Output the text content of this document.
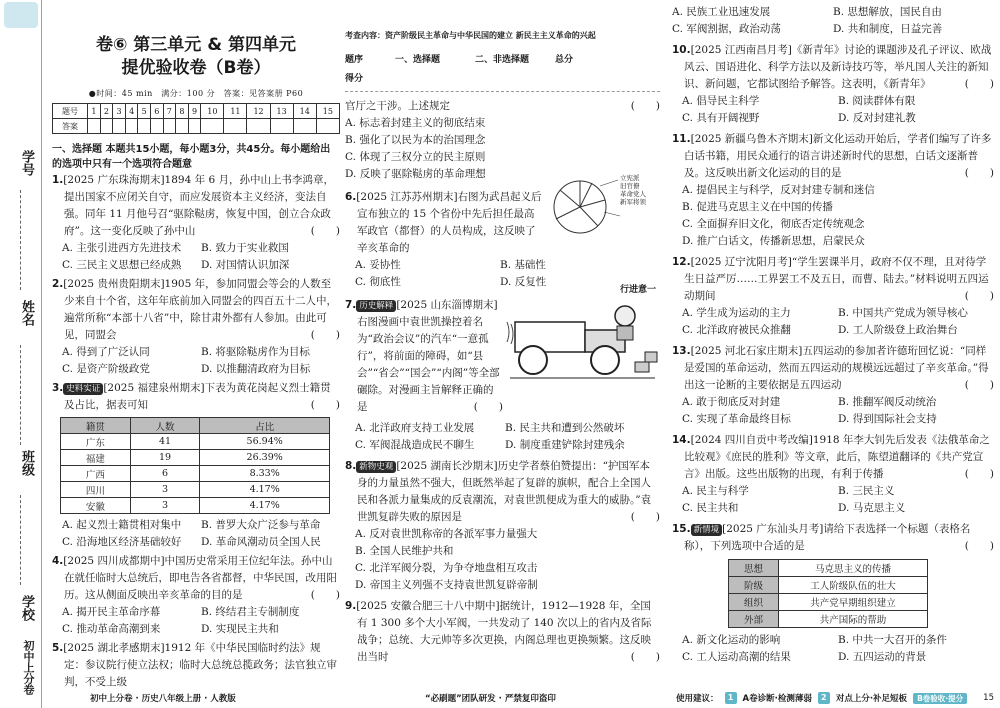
学号
姓名
班级
学校
初中上分卷
卷⑥ 第三单元 & 第四单元
提优验收卷（B卷）
●时间：45 min　满分：100 分　答案：见答案册 P60
题号	1	2	3	4	5	6	7	8	9	10	11	12	13	14	15
答案															
一、选择题 本题共15小题，每小题3分，共45分。每小题给出的选项中只有一个选项符合题意
1.[2025 广东珠海期末]1894 年 6 月，孙中山上书李鸿章，提出国家不应闭关自守，而应发展资本主义经济，变法自强。同年 11 月他号召“驱除鞑虏，恢复中国，创立合众政府”。这一变化反映了孙中山	(　　)
A. 主张引进西方先进技术	B. 致力于实业救国
C. 三民主义思想已经成熟	D. 对国情认识加深
2.[2025 贵州贵阳期末]1905 年，参加同盟会等会的人数至少来自十个省，这年年底前加入同盟会的四百五十二人中，遍常所称“本部十八省”中，除甘肃外都有人参加。由此可见，同盟会	(　　)
A. 得到了广泛认同	B. 将驱除鞑虏作为目标
C. 是资产阶级政党	D. 以推翻清政府为目标
3. 史料实证 [2025 福建泉州期末]下表为黄花岗起义烈士籍贯及占比，据表可知	(　　)
籍贯	人数	占比
广东	41	56.94%
福建	19	26.39%
广西	6	8.33%
四川	3	4.17%
安徽	3	4.17%
A. 起义烈士籍贯相对集中	B. 普罗大众广泛参与革命
C. 沿海地区经济基础较好	D. 革命风潮动员全国人民
4.[2025 四川成都期中]中国历史常采用王位纪年法。孙中山在就任临时大总统后，即电告各省都督，中华民国，改用阳历。这从侧面反映出辛亥革命的目的是	(　　)
A. 揭开民主革命序幕	B. 终结君主专制制度
C. 推动革命高潮到来	D. 实现民主共和
5.[2025 湖北孝感期末]1912 年《中华民国临时约法》规定：参议院行使立法权；临时大总统总揽政务；法官独立审判，不受上级
初中上分卷 · 历史八年级上册 · 人教版
考查内容：资产阶级民主革命与中华民国的建立 新民主主义革命的兴起
题序	一、选择题	二、非选择题	总分
得分
官厅之干涉。上述规定	(　　)
A. 标志着封建主义的彻底结束
B. 强化了以民为本的治国理念
C. 体现了三权分立的民主原则
D. 反映了驱除鞑虏的革命理想
6.[2025 江苏苏州期末]右图为武昌起义后宣布独立的 15 个省份中先后担任最高军政官（都督）的人员构成，这反映了辛亥革命的
A. 妥协性	B. 基础性
C. 彻底性	D. 反复性
立宪派
旧官僚
革命党人
新军将领
7. 历史解释 [2025 山东淄博期末]右图漫画中袁世凯操控着名为“政治会议”的汽车“一意孤行”，将前面的障碍，如“县会”“省会”“国会”“内阁”等全部碾除。对漫画主旨解释正确的是	(　　)
行进意一
A. 北洋政府支持工业发展	B. 民主共和遭到公然破坏
C. 军阀混战造成民不聊生	D. 制度重建铲除封建残余
8. 新物史观 [2025 湖南长沙期末]历史学者蔡伯赞提出：“护国军本身的力量虽然不强大，但既然举起了复辟的旗帜，配合上全国人民和各派力量集成的反袁潮流，对袁世凯便成为重大的威胁。”袁世凯复辟失败的原因是	(　　)
A. 反对袁世凯称帝的各派军事力量强大
B. 全国人民维护共和
C. 北洋军阀分裂，为争夺地盘相互攻击
D. 帝国主义列强不支持袁世凯复辟帝制
9.[2025 安徽合肥三十八中期中]据统计，1912—1928 年，全国有 1 300 多个大小军阀，一共发动了 140 次以上的省内及省际战争；总统、大元帅等多次更换，内阁总理也更换频繁。这反映出当时	(　　)
“必刷题”团队研发 · 严禁复印盗印
A. 民族工业迅速发展	B. 思想解放，国民自由
C. 军阀割据，政治动荡	D. 共和制度，日益完善
10.[2025 江西南昌月考]《新青年》讨论的课题涉及孔子评议、欧战风云、国语进化、科学方法以及新诗技巧等，举凡国人关注的新知识、新问题，它都试图给予解答。这表明，《新青年》	(　　)
A. 倡导民主科学	B. 阅读群体有限
C. 具有开阔视野	D. 反对封建礼教
11.[2025 新疆乌鲁木齐期末]新文化运动开始后，学者们编写了许多白话书籍，用民众通行的语言讲述新时代的思想，白话文逐渐普及。这反映出新文化运动的目的是	(　　)
A. 提倡民主与科学，反对封建专制和迷信
B. 促进马克思主义在中国的传播
C. 全面摒弃旧文化，彻底否定传统观念
D. 推广白话文，传播新思想，启蒙民众
12.[2025 辽宁沈阳月考]“学生罢课半月，政府不仅不理，且对待学生日益严厉……工界罢工不及五日，而曹、陆去。”材料说明五四运动期间	(　　)
A. 学生成为运动的主力	B. 中国共产党成为领导核心
C. 北洋政府被民众推翻	D. 工人阶级登上政治舞台
13.[2025 河北石家庄期末]五四运动的参加者许德珩回忆说：“同样是爱国的革命运动，然而五四运动的规模远远超过了辛亥革命。”得出这一论断的主要依据是五四运动	(　　)
A. 敢于彻底反对封建	B. 推翻军阀反动统治
C. 实现了革命最终目标	D. 得到国际社会支持
14.[2024 四川自贡中考改编]1918 年李大钊先后发表《法俄革命之比较观》《庶民的胜利》等文章，此后，陈望道翻译的《共产党宣言》出版。这些出版物的出现，有利于传播	(　　)
A. 民主与科学	B. 三民主义
C. 民主共和	D. 马克思主义
15. 新情境 [2025 广东汕头月考]请给下表选择一个标题（表格名称），下列选项中合适的是	(　　)
思想	马克思主义的传播
阶级	工人阶级队伍的壮大
组织	共产党早期组织建立
外部	共产国际的帮助
A. 新文化运动的影响	B. 中共一大召开的条件
C. 工人运动高潮的结果	D. 五四运动的背景
使用建议：	1	A卷诊断·检测薄弱	2	对点上分·补足短板	B卷验收·提分	15
